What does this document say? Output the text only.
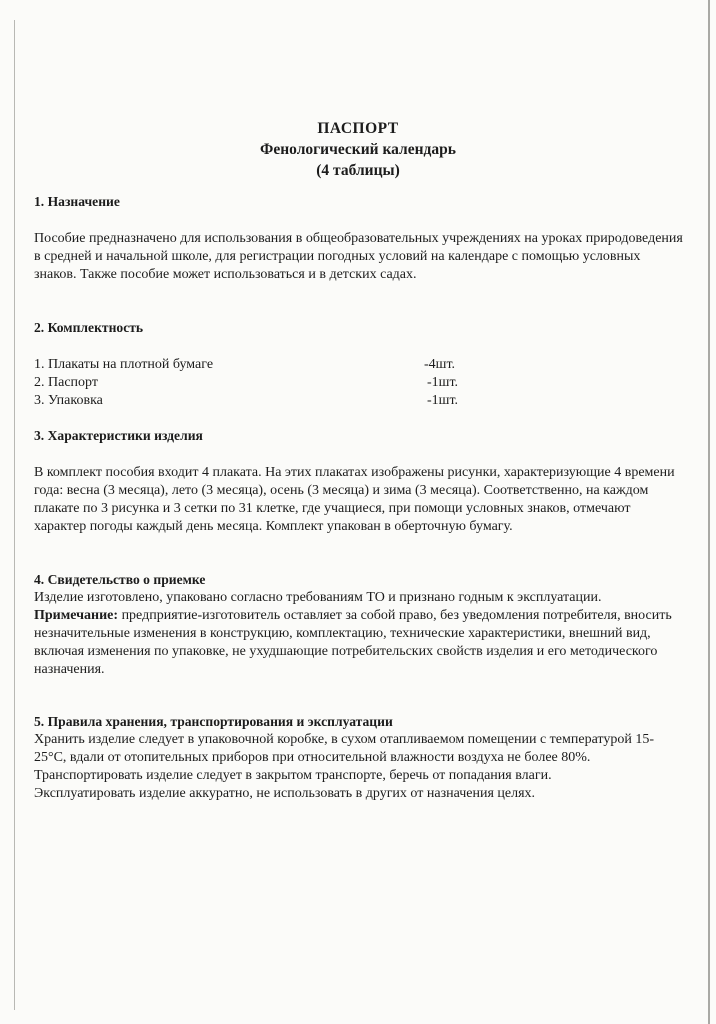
ПАСПОРТ
Фенологический календарь
(4 таблицы)
1. Назначение
Пособие предназначено для использования в общеобразовательных учреждениях на уроках природоведения в средней и начальной школе, для регистрации погодных условий на календаре с помощью условных знаков. Также пособие может использоваться и в детских садах.
2. Комплектность
1. Плакаты на плотной бумаге	-4шт.
2. Паспорт	-1шт.
3. Упаковка	-1шт.
3. Характеристики изделия
В комплект пособия входит 4 плаката. На этих плакатах изображены рисунки, характеризующие 4 времени года: весна (3 месяца), лето (3 месяца), осень (3 месяца) и зима (3 месяца). Соответственно, на каждом плакате по 3 рисунка и 3 сетки по 31 клетке, где учащиеся, при помощи условных знаков, отмечают характер погоды каждый день месяца. Комплект упакован в оберточную бумагу.
4. Свидетельство о приемке
Изделие изготовлено, упаковано согласно требованиям ТО и признано годным к эксплуатации.
Примечание: предприятие-изготовитель оставляет за собой право, без уведомления потребителя, вносить незначительные изменения в конструкцию, комплектацию, технические характеристики, внешний вид, включая изменения по упаковке, не ухудшающие потребительских свойств изделия и его методического назначения.
5. Правила хранения, транспортирования и эксплуатации
Хранить изделие следует в упаковочной коробке, в сухом отапливаемом помещении с температурой 15-25°С, вдали от отопительных приборов при относительной влажности воздуха не более 80%.
Транспортировать изделие следует в закрытом транспорте, беречь от попадания влаги.
Эксплуатировать изделие аккуратно, не использовать в других от назначения целях.
